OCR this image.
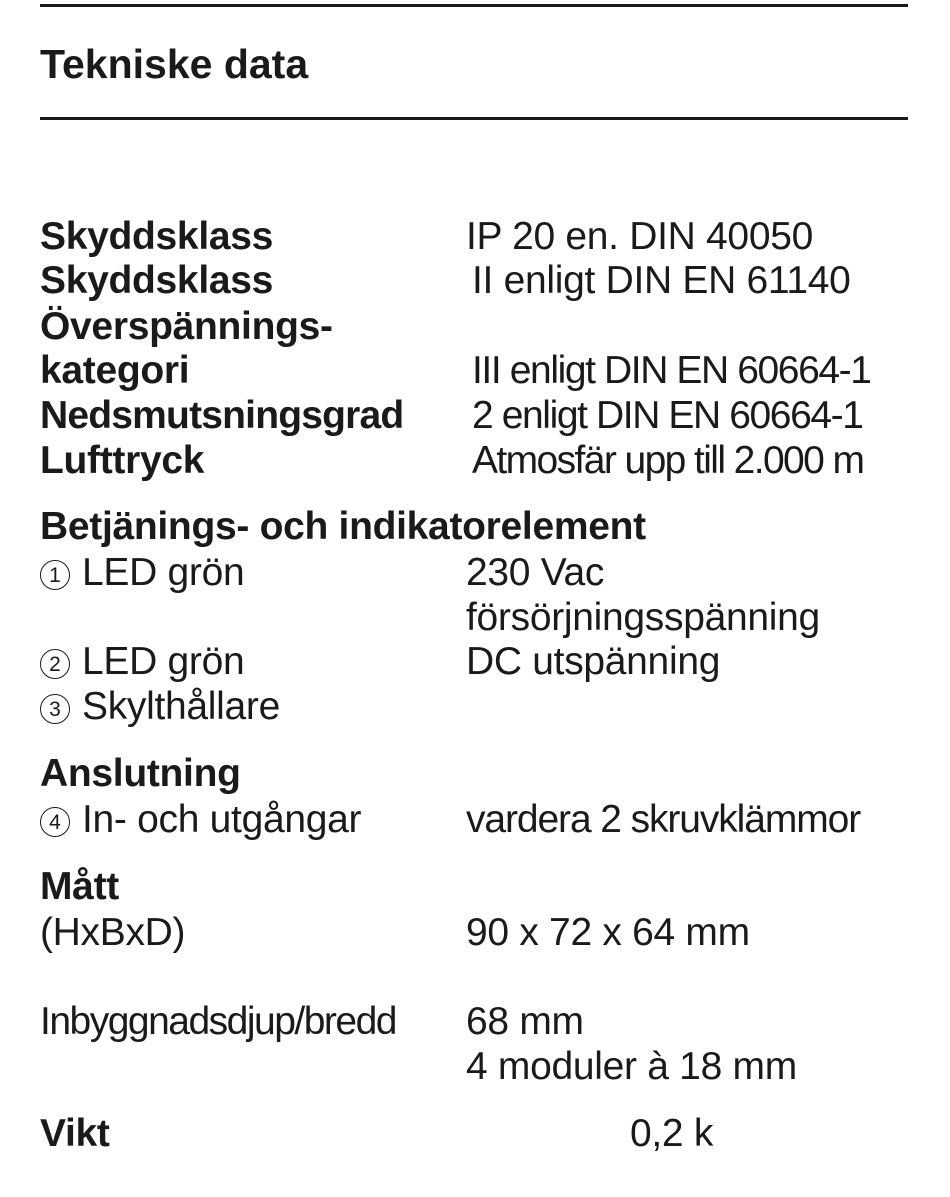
Tekniske data
Skyddsklass	IP 20 en. DIN 40050
Skyddsklass	II enligt DIN EN 61140
Överspännings-
kategori	III enligt DIN EN 60664-1
Nedsmutsningsgrad 2 enligt DIN EN 60664-1
Lufttryck	Atmosfär upp till 2.000 m
Betjänings- och indikatorelement
1 LED grön	230 Vac
försörjningsspänning
2 LED grön	DC utspänning
3 Skylthållare
Anslutning
4 In- och utgångar	vardera 2 skruvklämmor
Mått
(HxBxD)	90 x 72 x 64 mm
Inbyggnadsdjup/bredd 68 mm
4 moduler à 18 mm
Vikt	0,2 k
